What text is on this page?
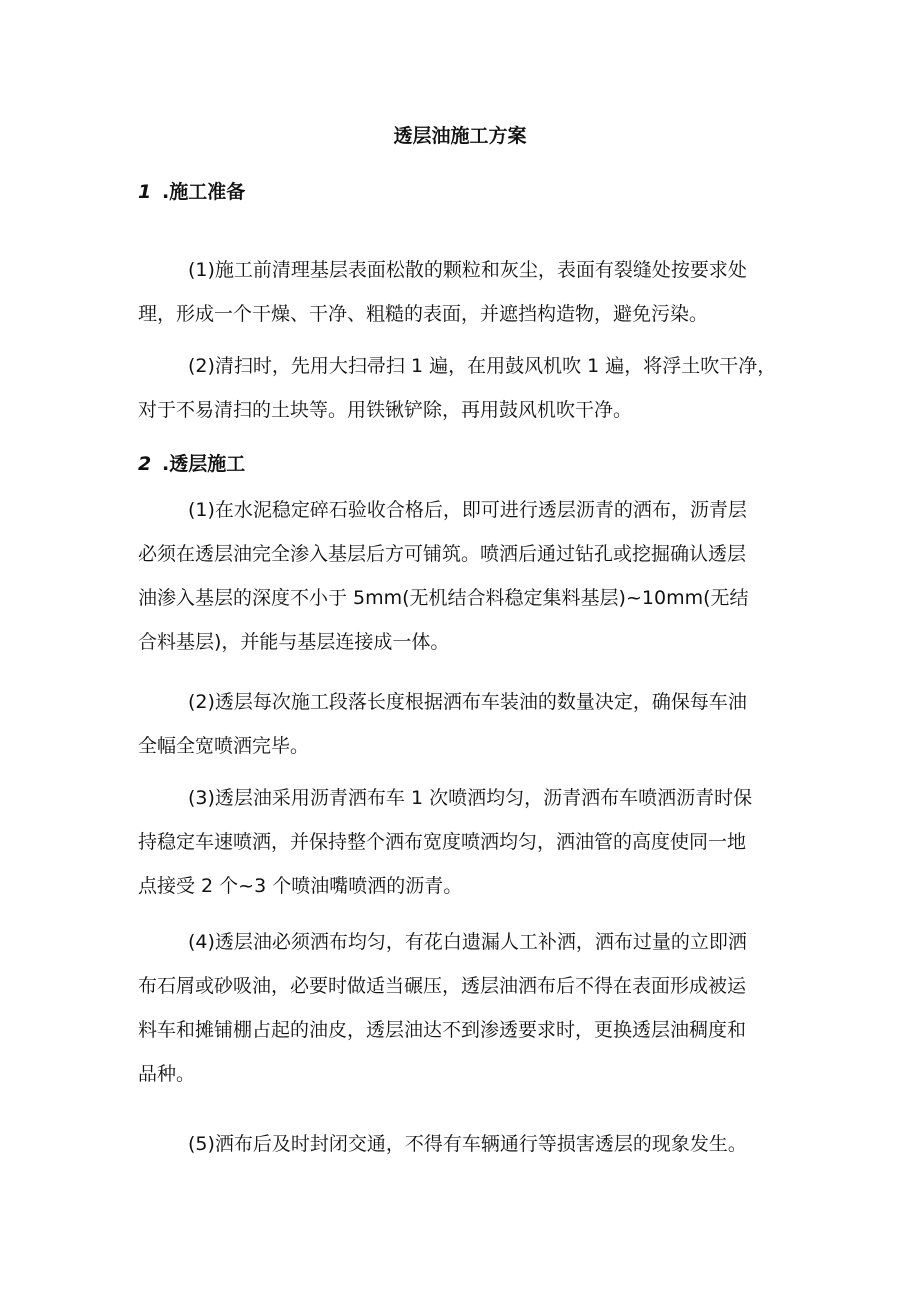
透层油施工方案
1 .施工准备
(1)施工前清理基层表面松散的颗粒和灰尘，表面有裂缝处按要求处
理，形成一个干燥、干净、粗糙的表面，并遮挡构造物，避免污染。
(2)清扫时，先用大扫帚扫 1 遍，在用鼓风机吹 1 遍，将浮土吹干净，
对于不易清扫的土块等。用铁锹铲除，再用鼓风机吹干净。
2 .透层施工
(1)在水泥稳定碎石验收合格后，即可进行透层沥青的洒布，沥青层
必须在透层油完全渗入基层后方可铺筑。喷洒后通过钻孔或挖掘确认透层
油渗入基层的深度不小于 5mm(无机结合料稳定集料基层)~10mm(无结
合料基层)，并能与基层连接成一体。
(2)透层每次施工段落长度根据洒布车装油的数量决定，确保每车油
全幅全宽喷洒完毕。
(3)透层油采用沥青洒布车 1 次喷洒均匀，沥青洒布车喷洒沥青时保
持稳定车速喷洒，并保持整个洒布宽度喷洒均匀，洒油管的高度使同一地
点接受 2 个~3 个喷油嘴喷洒的沥青。
(4)透层油必须洒布均匀，有花白遗漏人工补洒，洒布过量的立即洒
布石屑或砂吸油，必要时做适当碾压，透层油洒布后不得在表面形成被运
料车和摊铺棚占起的油皮，透层油达不到渗透要求时，更换透层油稠度和
品种。
(5)洒布后及时封闭交通，不得有车辆通行等损害透层的现象发生。
